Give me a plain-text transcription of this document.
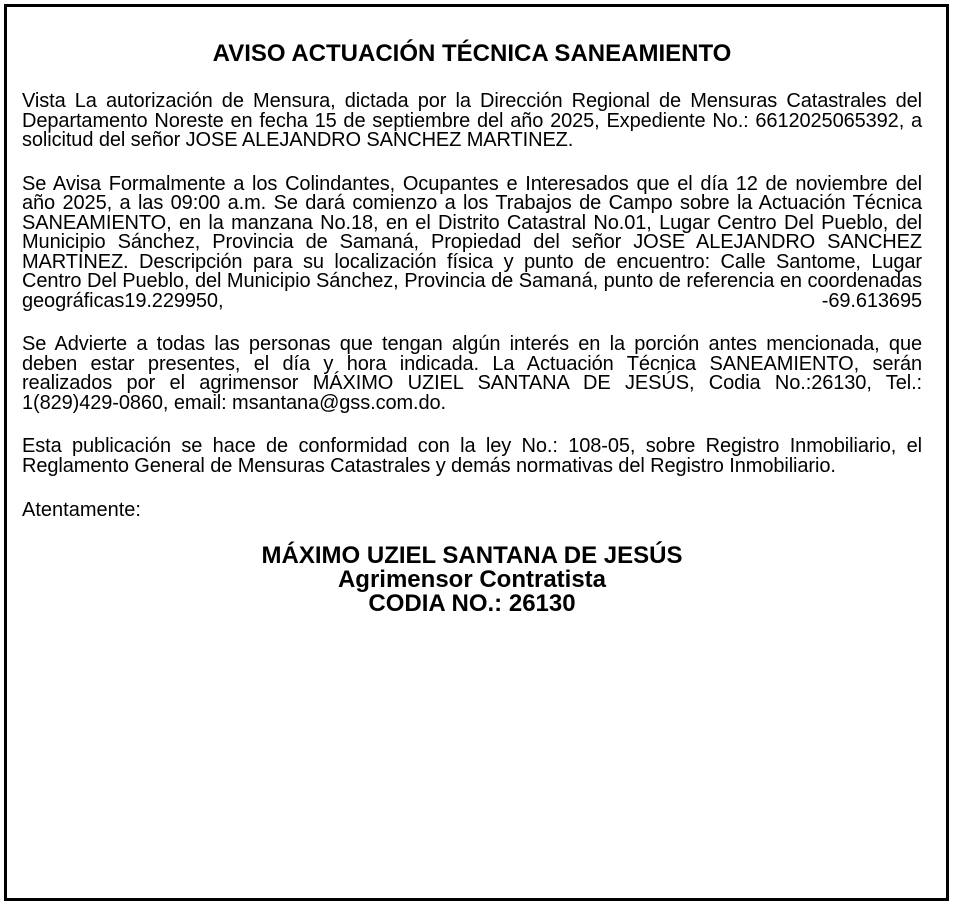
AVISO ACTUACIÓN TÉCNICA SANEAMIENTO

Vista La autorización de Mensura, dictada por la Dirección Regional de Mensuras Catastrales del Departamento Noreste en fecha 15 de septiembre del año 2025, Expediente No.: 6612025065392, a solicitud del señor JOSE ALEJANDRO SANCHEZ MARTINEZ.

Se Avisa Formalmente a los Colindantes, Ocupantes e Interesados que el día 12 de noviembre del año 2025, a las 09:00 a.m. Se dará comienzo a los Trabajos de Campo sobre la Actuación Técnica SANEAMIENTO, en la manzana No.18, en el Distrito Catastral No.01, Lugar Centro Del Pueblo, del Municipio Sánchez, Provincia de Samaná, Propiedad del señor JOSE ALEJANDRO SANCHEZ MARTINEZ. Descripción para su localización física y punto de encuentro: Calle Santome, Lugar Centro Del Pueblo, del Municipio Sánchez, Provincia de Samaná, punto de referencia en coordenadas geográficas19.229950, -69.613695

Se Advierte a todas las personas que tengan algún interés en la porción antes mencionada, que deben estar presentes, el día y hora indicada. La Actuación Técnica SANEAMIENTO, serán realizados por el agrimensor MÁXIMO UZIEL SANTANA DE JESÚS, Codia No.:26130, Tel.: 1(829)429-0860, email: msantana@gss.com.do.

Esta publicación se hace de conformidad con la ley No.: 108-05, sobre Registro Inmobiliario, el Reglamento General de Mensuras Catastrales y demás normativas del Registro Inmobiliario.

Atentamente:

MÁXIMO UZIEL SANTANA DE JESÚS
Agrimensor Contratista
CODIA NO.: 26130
